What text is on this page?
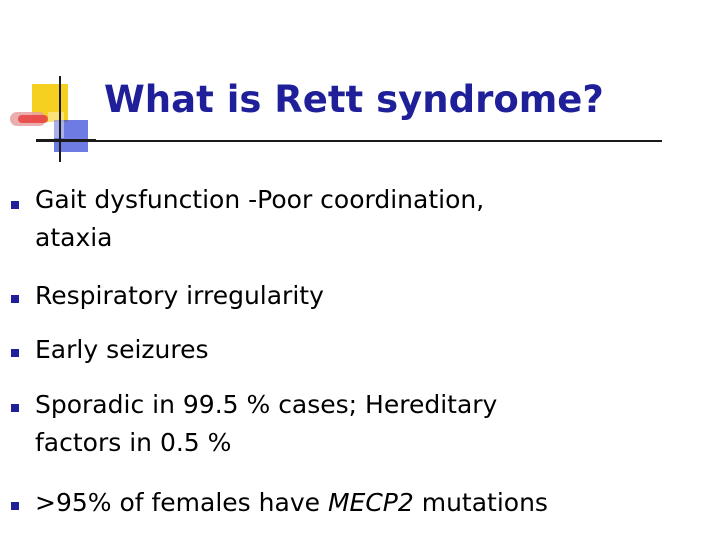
What is Rett syndrome?
Gait dysfunction -Poor coordination,
ataxia
Respiratory irregularity
Early seizures
Sporadic in 99.5 % cases; Hereditary
factors in 0.5 %
>95% of females have MECP2 mutations
